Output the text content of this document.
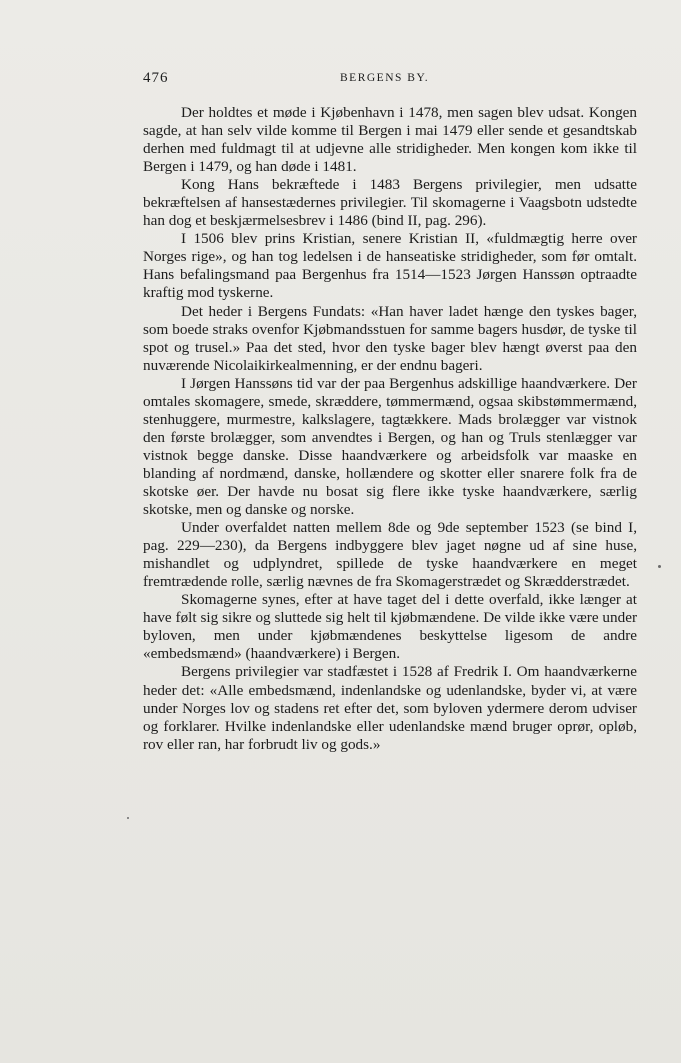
476	BERGENS BY.

Der holdtes et møde i Kjøbenhavn i 1478, men sagen blev udsat. Kongen sagde, at han selv vilde komme til Bergen i mai 1479 eller sende et gesandtskab derhen med fuldmagt til at udjevne alle stridigheder. Men kongen kom ikke til Bergen i 1479, og han døde i 1481.

Kong Hans bekræftede i 1483 Bergens privilegier, men udsatte bekræftelsen af hansestædernes privilegier. Til skomagerne i Vaagsbotn udstedte han dog et beskjærmelsesbrev i 1486 (bind II, pag. 296).

I 1506 blev prins Kristian, senere Kristian II, «fuldmægtig herre over Norges rige», og han tog ledelsen i de hanseatiske stridigheder, som før omtalt. Hans befalingsmand paa Bergenhus fra 1514—1523 Jørgen Hanssøn optraadte kraftig mod tyskerne.

Det heder i Bergens Fundats: «Han haver ladet hænge den tyskes bager, som boede straks ovenfor Kjøbmandsstuen for samme bagers husdør, de tyske til spot og trusel.» Paa det sted, hvor den tyske bager blev hængt øverst paa den nuværende Nicolaikirkealmenning, er der endnu bageri.

I Jørgen Hanssøns tid var der paa Bergenhus adskillige haandværkere. Der omtales skomagere, smede, skræddere, tømmermænd, ogsaa skibstømmermænd, stenhuggere, murmestre, kalkslagere, tagtækkere. Mads brolægger var vistnok den første brolægger, som anvendtes i Bergen, og han og Truls stenlægger var vistnok begge danske. Disse haandværkere og arbeidsfolk var maaske en blanding af nordmænd, danske, hollændere og skotter eller snarere folk fra de skotske øer. Der havde nu bosat sig flere ikke tyske haandværkere, særlig skotske, men og danske og norske.

Under overfaldet natten mellem 8de og 9de september 1523 (se bind I, pag. 229—230), da Bergens indbyggere blev jaget nøgne ud af sine huse, mishandlet og udplyndret, spillede de tyske haandværkere en meget fremtrædende rolle, særlig nævnes de fra Skomagerstrædet og Skrædderstrædet.

Skomagerne synes, efter at have taget del i dette overfald, ikke længer at have følt sig sikre og sluttede sig helt til kjøbmændene. De vilde ikke være under byloven, men under kjøbmændenes beskyttelse ligesom de andre «embedsmænd» (haandværkere) i Bergen.

Bergens privilegier var stadfæstet i 1528 af Fredrik I. Om haandværkerne heder det: «Alle embedsmænd, indenlandske og udenlandske, byder vi, at være under Norges lov og stadens ret efter det, som byloven ydermere derom udviser og forklarer. Hvilke indenlandske eller udenlandske mænd bruger oprør, opløb, rov eller ran, har forbrudt liv og gods.»
